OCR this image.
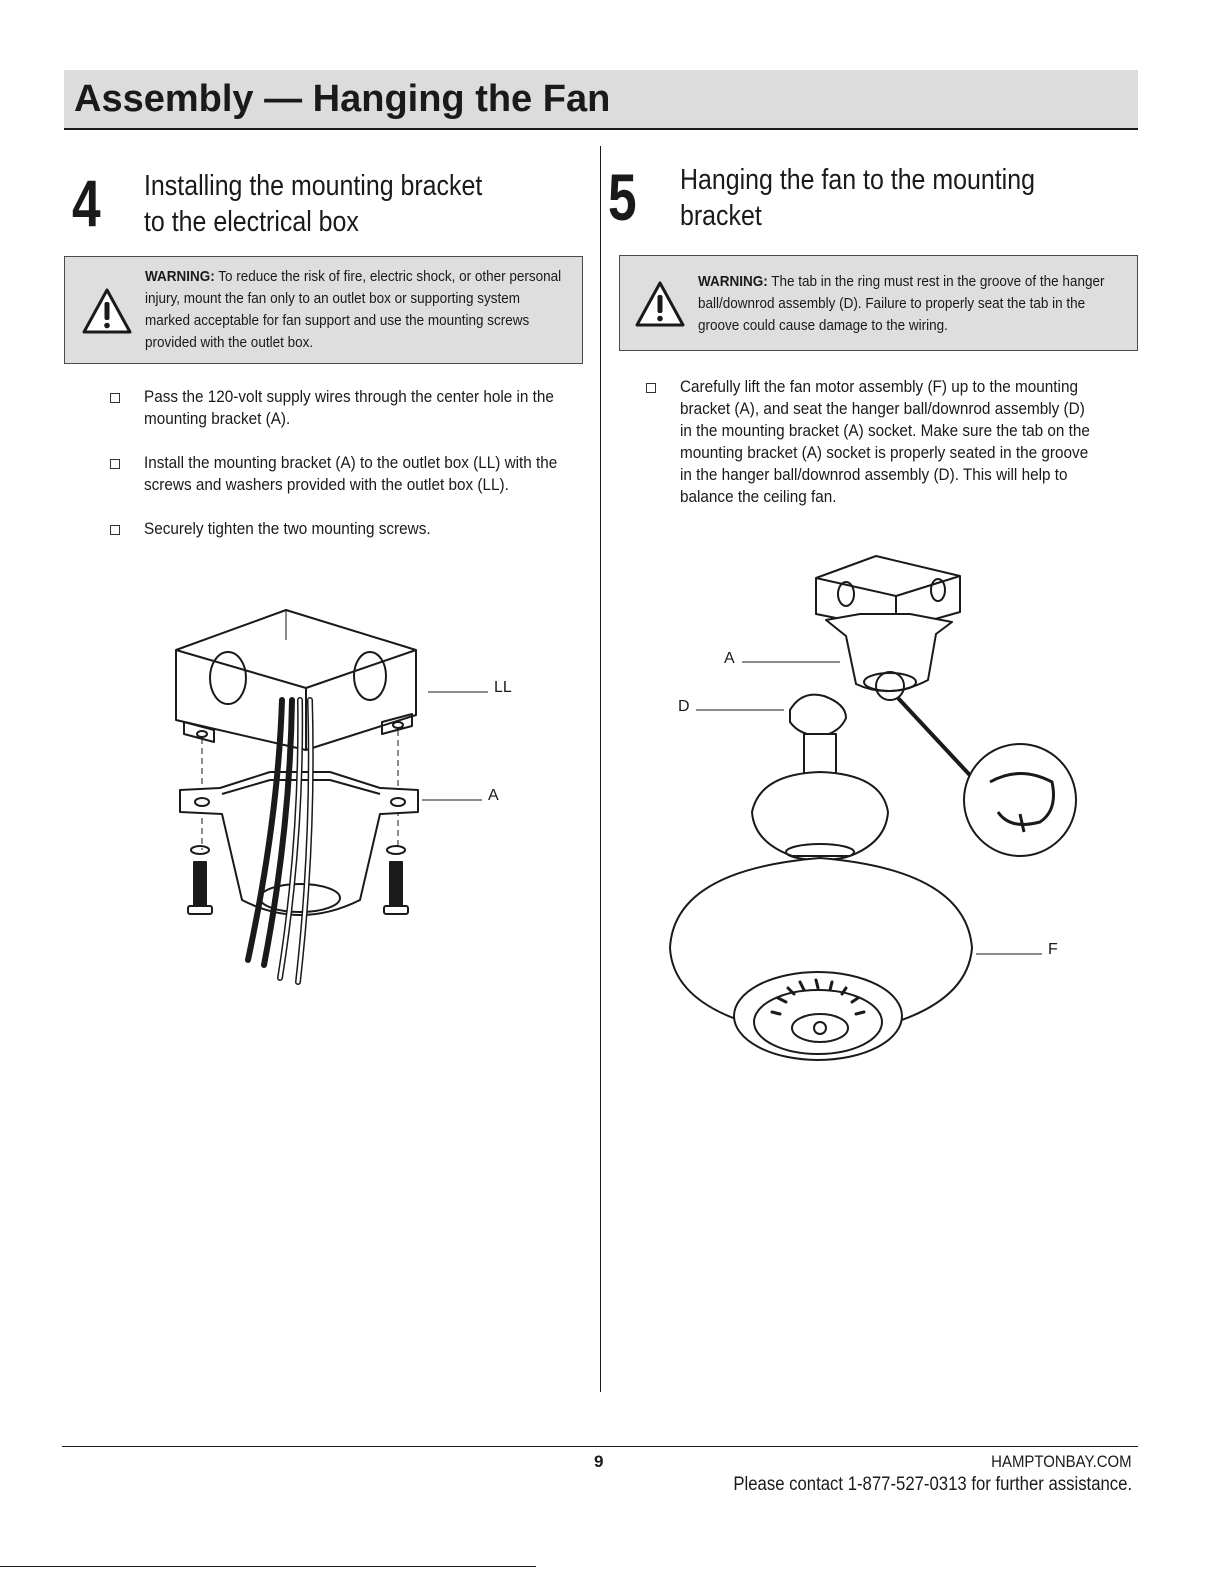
Assembly — Hanging the Fan
4 Installing the mounting bracket
to the electrical box
WARNING: To reduce the risk of fire, electric shock, or other personal injury, mount the fan only to an outlet box or supporting system marked acceptable for fan support and use the mounting screws provided with the outlet box.
Pass the 120-volt supply wires through the center hole in the mounting bracket (A).
Install the mounting bracket (A) to the outlet box (LL) with the screws and washers provided with the outlet box (LL).
Securely tighten the two mounting screws.
LL
A
5 Hanging the fan to the mounting
bracket
WARNING: The tab in the ring must rest in the groove of the hanger ball/downrod assembly (D). Failure to properly seat the tab in the groove could cause damage to the wiring.
Carefully lift the fan motor assembly (F) up to the mounting bracket (A), and seat the hanger ball/downrod assembly (D) in the mounting bracket (A) socket. Make sure the tab on the mounting bracket (A) socket is properly seated in the groove in the hanger ball/downrod assembly (D). This will help to balance the ceiling fan.
A
D
F
9	HAMPTONBAY.COM
Please contact 1-877-527-0313 for further assistance.
